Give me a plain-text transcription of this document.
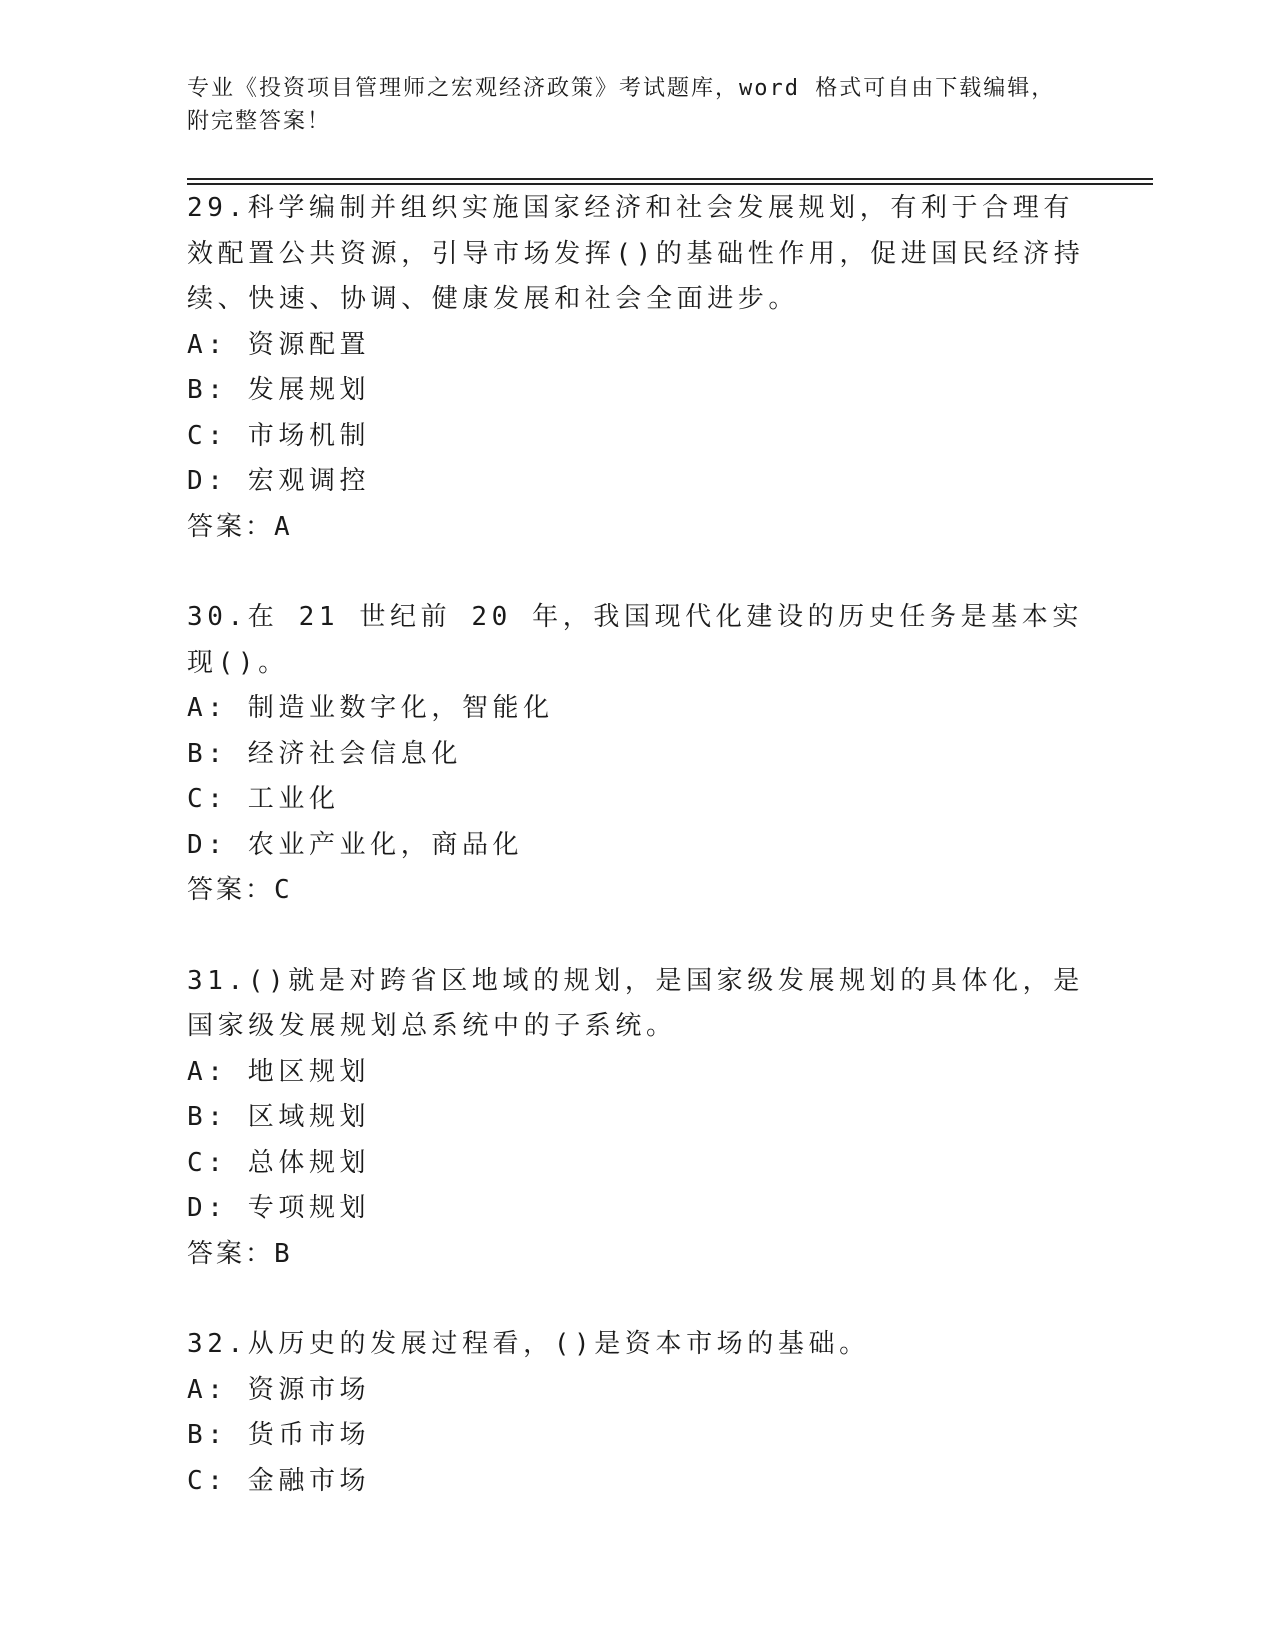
专业《投资项目管理师之宏观经济政策》考试题库，word 格式可自由下载编辑，
附完整答案！

29.科学编制并组织实施国家经济和社会发展规划，有利于合理有效配置公共资源，引导市场发挥()的基础性作用，促进国民经济持续、快速、协调、健康发展和社会全面进步。

A: 资源配置
B: 发展规划
C: 市场机制
D: 宏观调控
答案：A

30.在 21 世纪前 20 年，我国现代化建设的历史任务是基本实现()。

A: 制造业数字化，智能化
B: 经济社会信息化
C: 工业化
D: 农业产业化，商品化
答案：C

31.()就是对跨省区地域的规划，是国家级发展规划的具体化，是国家级发展规划总系统中的子系统。

A: 地区规划
B: 区域规划
C: 总体规划
D: 专项规划
答案：B

32.从历史的发展过程看，()是资本市场的基础。

A: 资源市场
B: 货币市场
C: 金融市场
